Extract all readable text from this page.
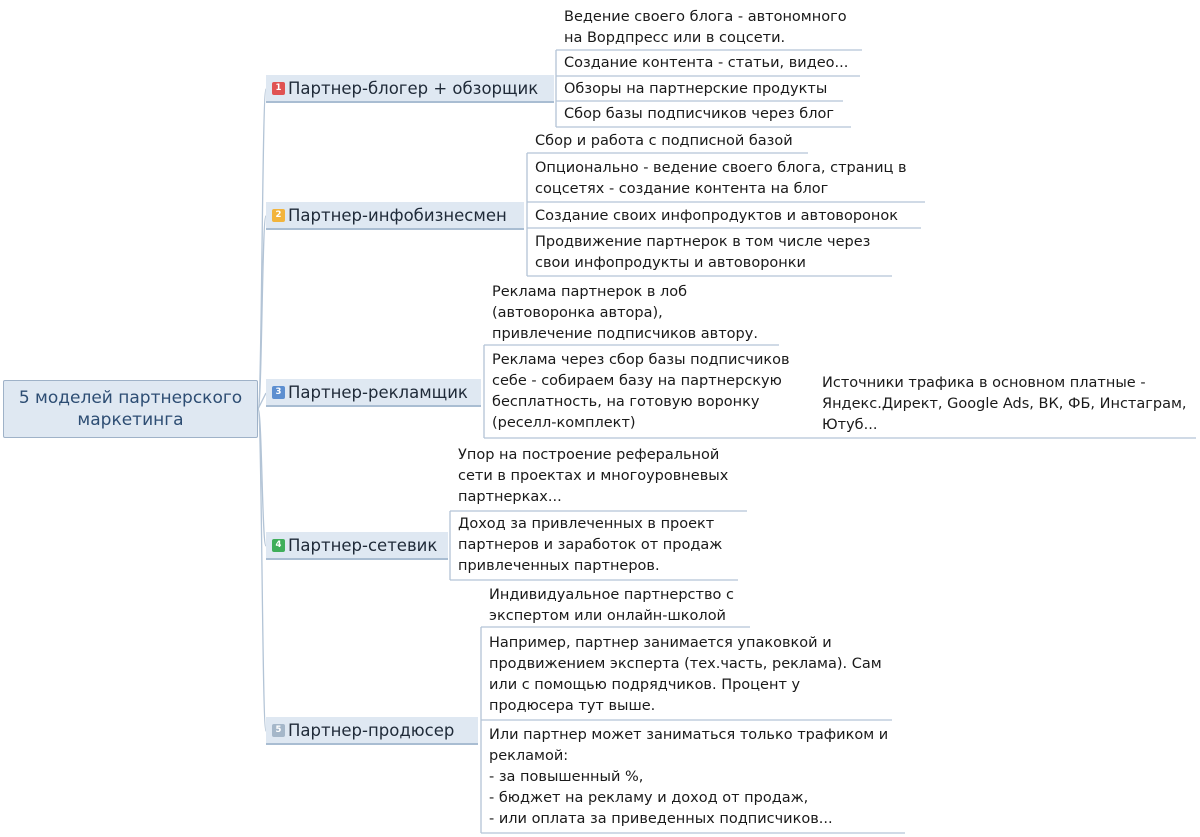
5 моделей партнерского
маркетинга
1 Партнер-блогер + обзорщик
Ведение своего блога - автономного
на Вордпресс или в соцсети.
Создание контента - статьи, видео...
Обзоры на партнерские продукты
Сбор базы подписчиков через блог
2 Партнер-инфобизнесмен
Сбор и работа с подписной базой
Опционально - ведение своего блога, страниц в
соцсетях - создание контента на блог
Создание своих инфопродуктов и автоворонок
Продвижение партнерок в том числе через
свои инфопродукты и автоворонки
3 Партнер-рекламщик
Реклама партнерок в лоб
(автоворонка автора),
привлечение подписчиков автору.
Реклама через сбор базы подписчиков
себе - собираем базу на партнерскую
бесплатность, на готовую воронку
(реселл-комплект)
Источники трафика в основном платные -
Яндекс.Директ, Google Ads, ВК, ФБ, Инстаграм,
Ютуб...
4 Партнер-сетевик
Упор на построение реферальной
сети в проектах и многоуровневых
партнерках...
Доход за привлеченных в проект
партнеров и заработок от продаж
привлеченных партнеров.
5 Партнер-продюсер
Индивидуальное партнерство с
экспертом или онлайн-школой
Например, партнер занимается упаковкой и
продвижением эксперта (тех.часть, реклама). Сам
или с помощью подрядчиков. Процент у
продюсера тут выше.
Или партнер может заниматься только трафиком и
рекламой:
- за повышенный %,
- бюджет на рекламу и доход от продаж,
- или оплата за приведенных подписчиков...
